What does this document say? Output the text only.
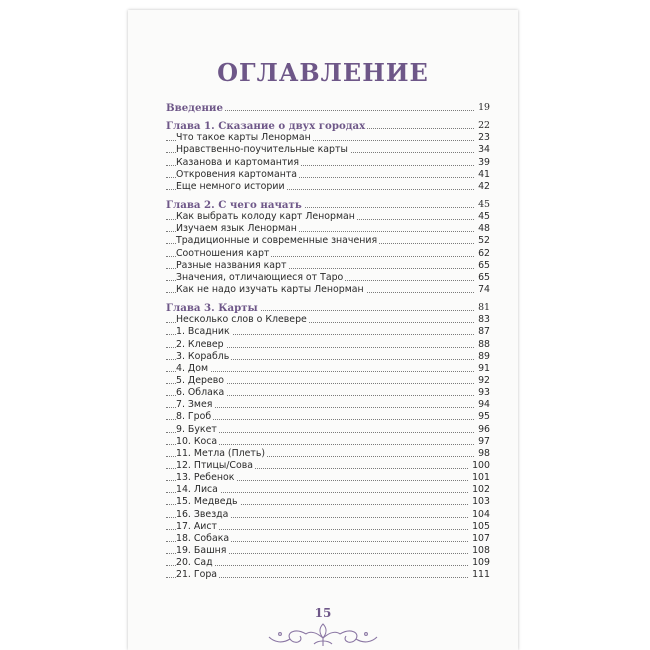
ОГЛАВЛЕНИЕ
Введение	19
Глава 1. Сказание о двух городах	22
Что такое карты Ленорман	23
Нравственно-поучительные карты	34
Казанова и картомантия	39
Откровения картоманта	41
Еще немного истории	42
Глава 2. С чего начать	45
Как выбрать колоду карт Ленорман	45
Изучаем язык Ленорман	48
Традиционные и современные значения	52
Соотношения карт	62
Разные названия карт	65
Значения, отличающиеся от Таро	65
Как не надо изучать карты Ленорман	74
Глава 3. Карты	81
Несколько слов о Клевере	83
1. Всадник	87
2. Клевер	88
3. Корабль	89
4. Дом	91
5. Дерево	92
6. Облака	93
7. Змея	94
8. Гроб	95
9. Букет	96
10. Коса	97
11. Метла (Плеть)	98
12. Птицы/Сова	100
13. Ребенок	101
14. Лиса	102
15. Медведь	103
16. Звезда	104
17. Аист	105
18. Собака	107
19. Башня	108
20. Сад	109
21. Гора	111
15
